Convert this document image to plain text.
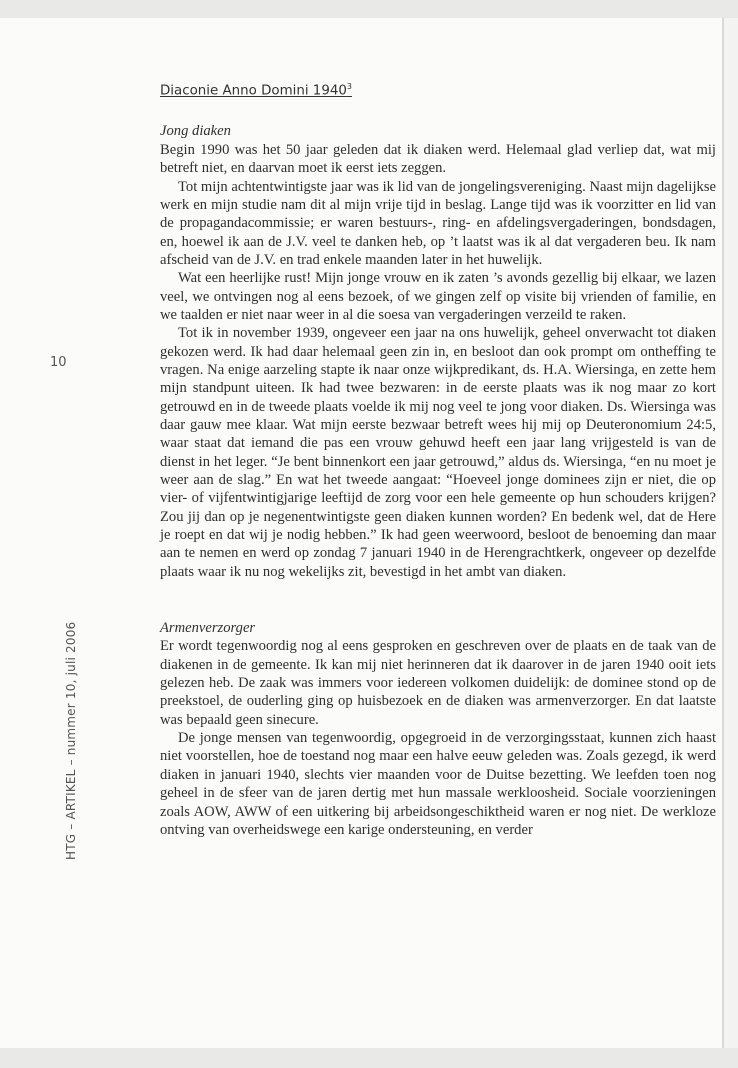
10
HTG – ARTIKEL – nummer 10, juli 2006
Diaconie Anno Domini 1940$^3$
Jong diaken

Begin 1990 was het 50 jaar geleden dat ik diaken werd. Helemaal glad verliep dat, wat mij betreft niet, en daarvan moet ik eerst iets zeggen.

Tot mijn achtentwintigste jaar was ik lid van de jongelingsvereniging. Naast mijn dagelijkse werk en mijn studie nam dit al mijn vrije tijd in beslag. Lange tijd was ik voorzitter en lid van de propagandacommissie; er waren bestuurs-, ring- en afdelingsvergaderingen, bondsdagen, en, hoewel ik aan de J.V. veel te danken heb, op ’t laatst was ik al dat vergaderen beu. Ik nam afscheid van de J.V. en trad enkele maanden later in het huwelijk.

Wat een heerlijke rust! Mijn jonge vrouw en ik zaten ’s avonds gezellig bij elkaar, we lazen veel, we ontvingen nog al eens bezoek, of we gingen zelf op visite bij vrienden of familie, en we taalden er niet naar weer in al die soesa van vergaderingen verzeild te raken.

Tot ik in november 1939, ongeveer een jaar na ons huwelijk, geheel onverwacht tot diaken gekozen werd. Ik had daar helemaal geen zin in, en besloot dan ook prompt om ontheffing te vragen. Na enige aarzeling stapte ik naar onze wijkpredikant, ds. H.A. Wiersinga, en zette hem mijn standpunt uiteen. Ik had twee bezwaren: in de eerste plaats was ik nog maar zo kort getrouwd en in de tweede plaats voelde ik mij nog veel te jong voor diaken. Ds. Wiersinga was daar gauw mee klaar. Wat mijn eerste bezwaar betreft wees hij mij op Deuteronomium 24:5, waar staat dat iemand die pas een vrouw gehuwd heeft een jaar lang vrijgesteld is van de dienst in het leger. “Je bent binnenkort een jaar getrouwd,” aldus ds. Wiersinga, “en nu moet je weer aan de slag.” En wat het tweede aangaat: “Hoeveel jonge dominees zijn er niet, die op vier- of vijfentwintigjarige leeftijd de zorg voor een hele gemeente op hun schouders krijgen? Zou jij dan op je negenentwintigste geen diaken kunnen worden? En bedenk wel, dat de Here je roept en dat wij je nodig hebben.” Ik had geen weerwoord, besloot de benoeming dan maar aan te nemen en werd op zondag 7 januari 1940 in de Herengrachtkerk, ongeveer op dezelfde plaats waar ik nu nog wekelijks zit, bevestigd in het ambt van diaken.

Armenverzorger

Er wordt tegenwoordig nog al eens gesproken en geschreven over de plaats en de taak van de diakenen in de gemeente. Ik kan mij niet herinneren dat ik daarover in de jaren 1940 ooit iets gelezen heb. De zaak was immers voor iedereen volkomen duidelijk: de dominee stond op de preekstoel, de ouderling ging op huisbezoek en de diaken was armenverzorger. En dat laatste was bepaald geen sinecure.

De jonge mensen van tegenwoordig, opgegroeid in de verzorgingsstaat, kunnen zich haast niet voorstellen, hoe de toestand nog maar een halve eeuw geleden was. Zoals gezegd, ik werd diaken in januari 1940, slechts vier maanden voor de Duitse bezetting. We leefden toen nog geheel in de sfeer van de jaren dertig met hun massale werkloosheid. Sociale voorzieningen zoals AOW, AWW of een uitkering bij arbeidsongeschiktheid waren er nog niet. De werkloze ontving van overheidswege een karige ondersteuning, en verder
